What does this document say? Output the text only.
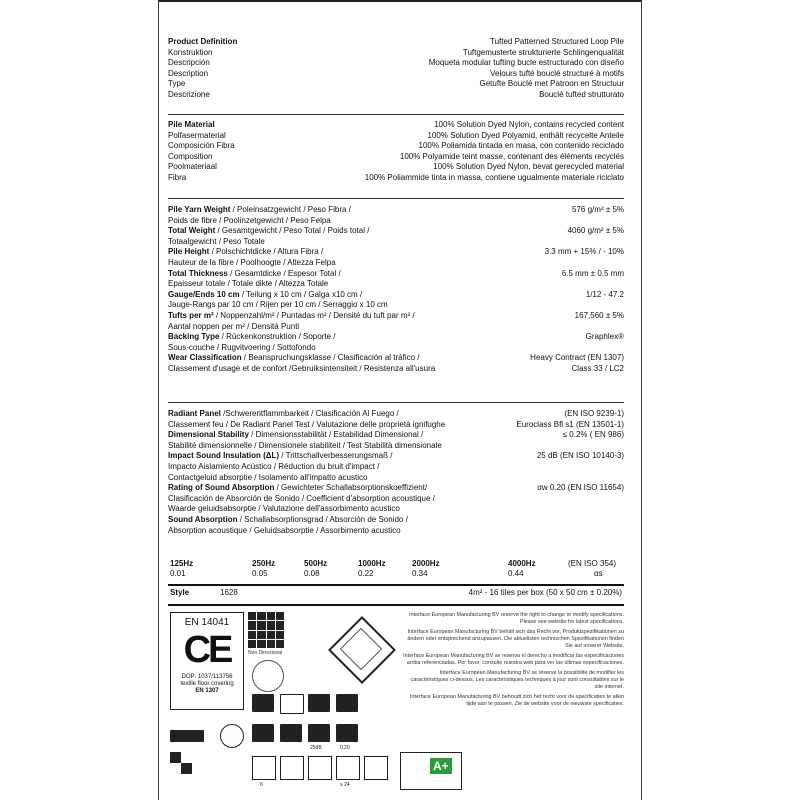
Product Definition	Tufted Patterned Structured Loop Pile
Konstruktion	Tuftgemusterte strukturierte Schlingenqualität
Descripción	Moqueta modular tufting bucle estructurado con diseño
Description	Velours tufté bouclé structuré à motifs
Type	Getufte Bouclé met Patroon en Structuur
Descrizione	Bouclé tufted strutturato
Pile Material	100% Solution Dyed Nylon, contains recycled content
Polfasermaterial	100% Solution Dyed Polyamid, enthält recycelte Anteile
Composición Fibra	100% Poliamida tintada en masa, con contenido reciclado
Composition	100% Polyamide teint masse, contenant des éléments recyclés
Poolmateriaal	100% Solution Dyed Nylon, bevat gerecycled material
Fibra	100% Poliammide tinta in massa, contiene ugualmente materiale riciclato
Pile Yarn Weight / Poleinsatzgewicht / Peso Fibra /	576 g/m² ± 5%
Poids de fibre / Poolinzetgewicht / Peso Felpa
Total Weight / Gesamtgewicht / Peso Total / Poids total /	4060 g/m² ± 5%
Totaalgewicht / Peso Totale
Pile Height / Polschichtdicke / Altura Fibra /	3.3 mm + 15% / - 10%
Hauteur de la fibre / Poolhoogte / Altezza Felpa
Total Thickness / Gesamtdicke / Espesor Total /	6.5 mm ± 0.5 mm
Epaisseur totale / Totale dikte / Altezza Totale
Gauge/Ends 10 cm / Teilung x 10 cm / Galga x10 cm /	1/12 - 47.2
Jauge-Rangs par 10 cm / Rijen per 10 cm / Serraggio x 10 cm
Tufts per m² / Noppenzahl/m² / Puntadas m² / Densité du tuft par m² /	167,560 ± 5%
Aantal noppen per m² / Densità Punti
Backing Type / Rückenkonstruktion / Soporte /	Graphlex®
Sous-couche / Rugvitvoering / Sottofondo
Wear Classification / Beanspruchungsklasse / Clasificación al tráfico /	Heavy Contract (EN 1307)
Classement d'usage et de confort /Gebruiksintensiteit / Resistenza all'usura	Class 33 / LC2
Radiant Panel /Schwerentflammbarkeit / Clasificación Al Fuego /	(EN ISO 9239-1)
Classement feu / De Radiant Panel Test / Valutazione delle proprietà ignifughe	Euroclass Bfl s1 (EN 13501-1)
Dimensional Stability / Dimensionsstabilität / Estabilidad Dimensional /	≤ 0.2% ( EN 986)
Stabilité dimensionnelle / Dimensionele stabiliteit / Test Stabilità dimensionale
Impact Sound Insulation (ΔL) / Trittschallverbesserungsmaß /	25 dB (EN ISO 10140-3)
Impacto Aislamiento Acústico / Réduction du bruit d'impact /
Contactgeluid absorptie / Isolamento all'impatto acustico
Rating of Sound Absorption / Gewichteter Schallabsorptionskoeffizient/	αw 0.20 (EN ISO 11654)
Clasificación de Absorción de Sonido / Coefficient d'absorption acoustique /
Waarde geluidsabsorptie / Valutazione dell'assorbimento acustico
Sound Absorption / Schallabsorptionsgrad / Absorción de Sonido /
Absorption acoustique / Geluidsabsorptie / Assorbimento acustico
125Hz	250Hz	500Hz	1000Hz	2000Hz	4000Hz	(EN ISO 354)
0.01	0.05	0.08	0.22	0.34	0.44	αs
Style	1628	4m² - 16 tiles per box (50 x 50 cm ± 0.20%)
EN 14041
CE
DOP: 1037/113756
textile floor covering
EN 1307
Non Directional

Interface European Manufacturing BV reserve the right to change or modify specifications. Please see website for latest specifications.

Interface European Manufacturing BV behält sich das Recht vor, Produktspezifikationen zu ändern oder entsprechend anzupassen. Die aktuellsten technischen Spezifikationen finden Sie auf unserer Website.

Interface European Manufacturing BV se reserva el derecho a modificar las especificaciones arriba referenciadas. Por favor, consulte nuestra web para ver las últimas especificaciones.

Interface European Manufacturing BV se réserve la possibilité de modifier les caractéristiques ci-dessus. Les caractéristiques techniques à jour sont consultables sur le site internet.

Interface European Manufacturing BV behoudt zich het recht voor de specificaties te allen tijde aan te passen. Zie de website voor de nieuwste specificaties.

25dB	0.20
6	≥ 24
A+
